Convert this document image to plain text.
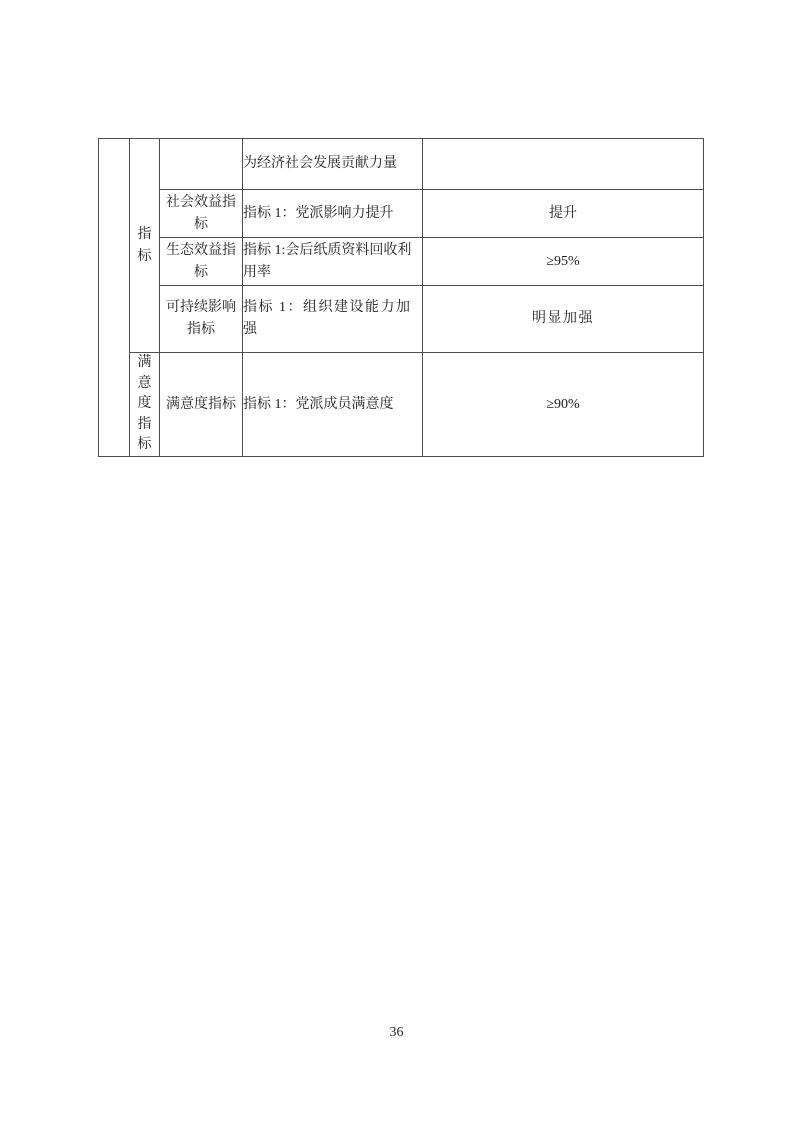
	指标		为经济社会发展贡献力量	
		社会效益指标	指标 1：党派影响力提升	提升
		生态效益指标	指标 1:会后纸质资料回收利用率	≥95%
		可持续影响指标	指标 1：组织建设能力加强	明显加强
	满意度指标	满意度指标	指标 1：党派成员满意度	≥90%
36
